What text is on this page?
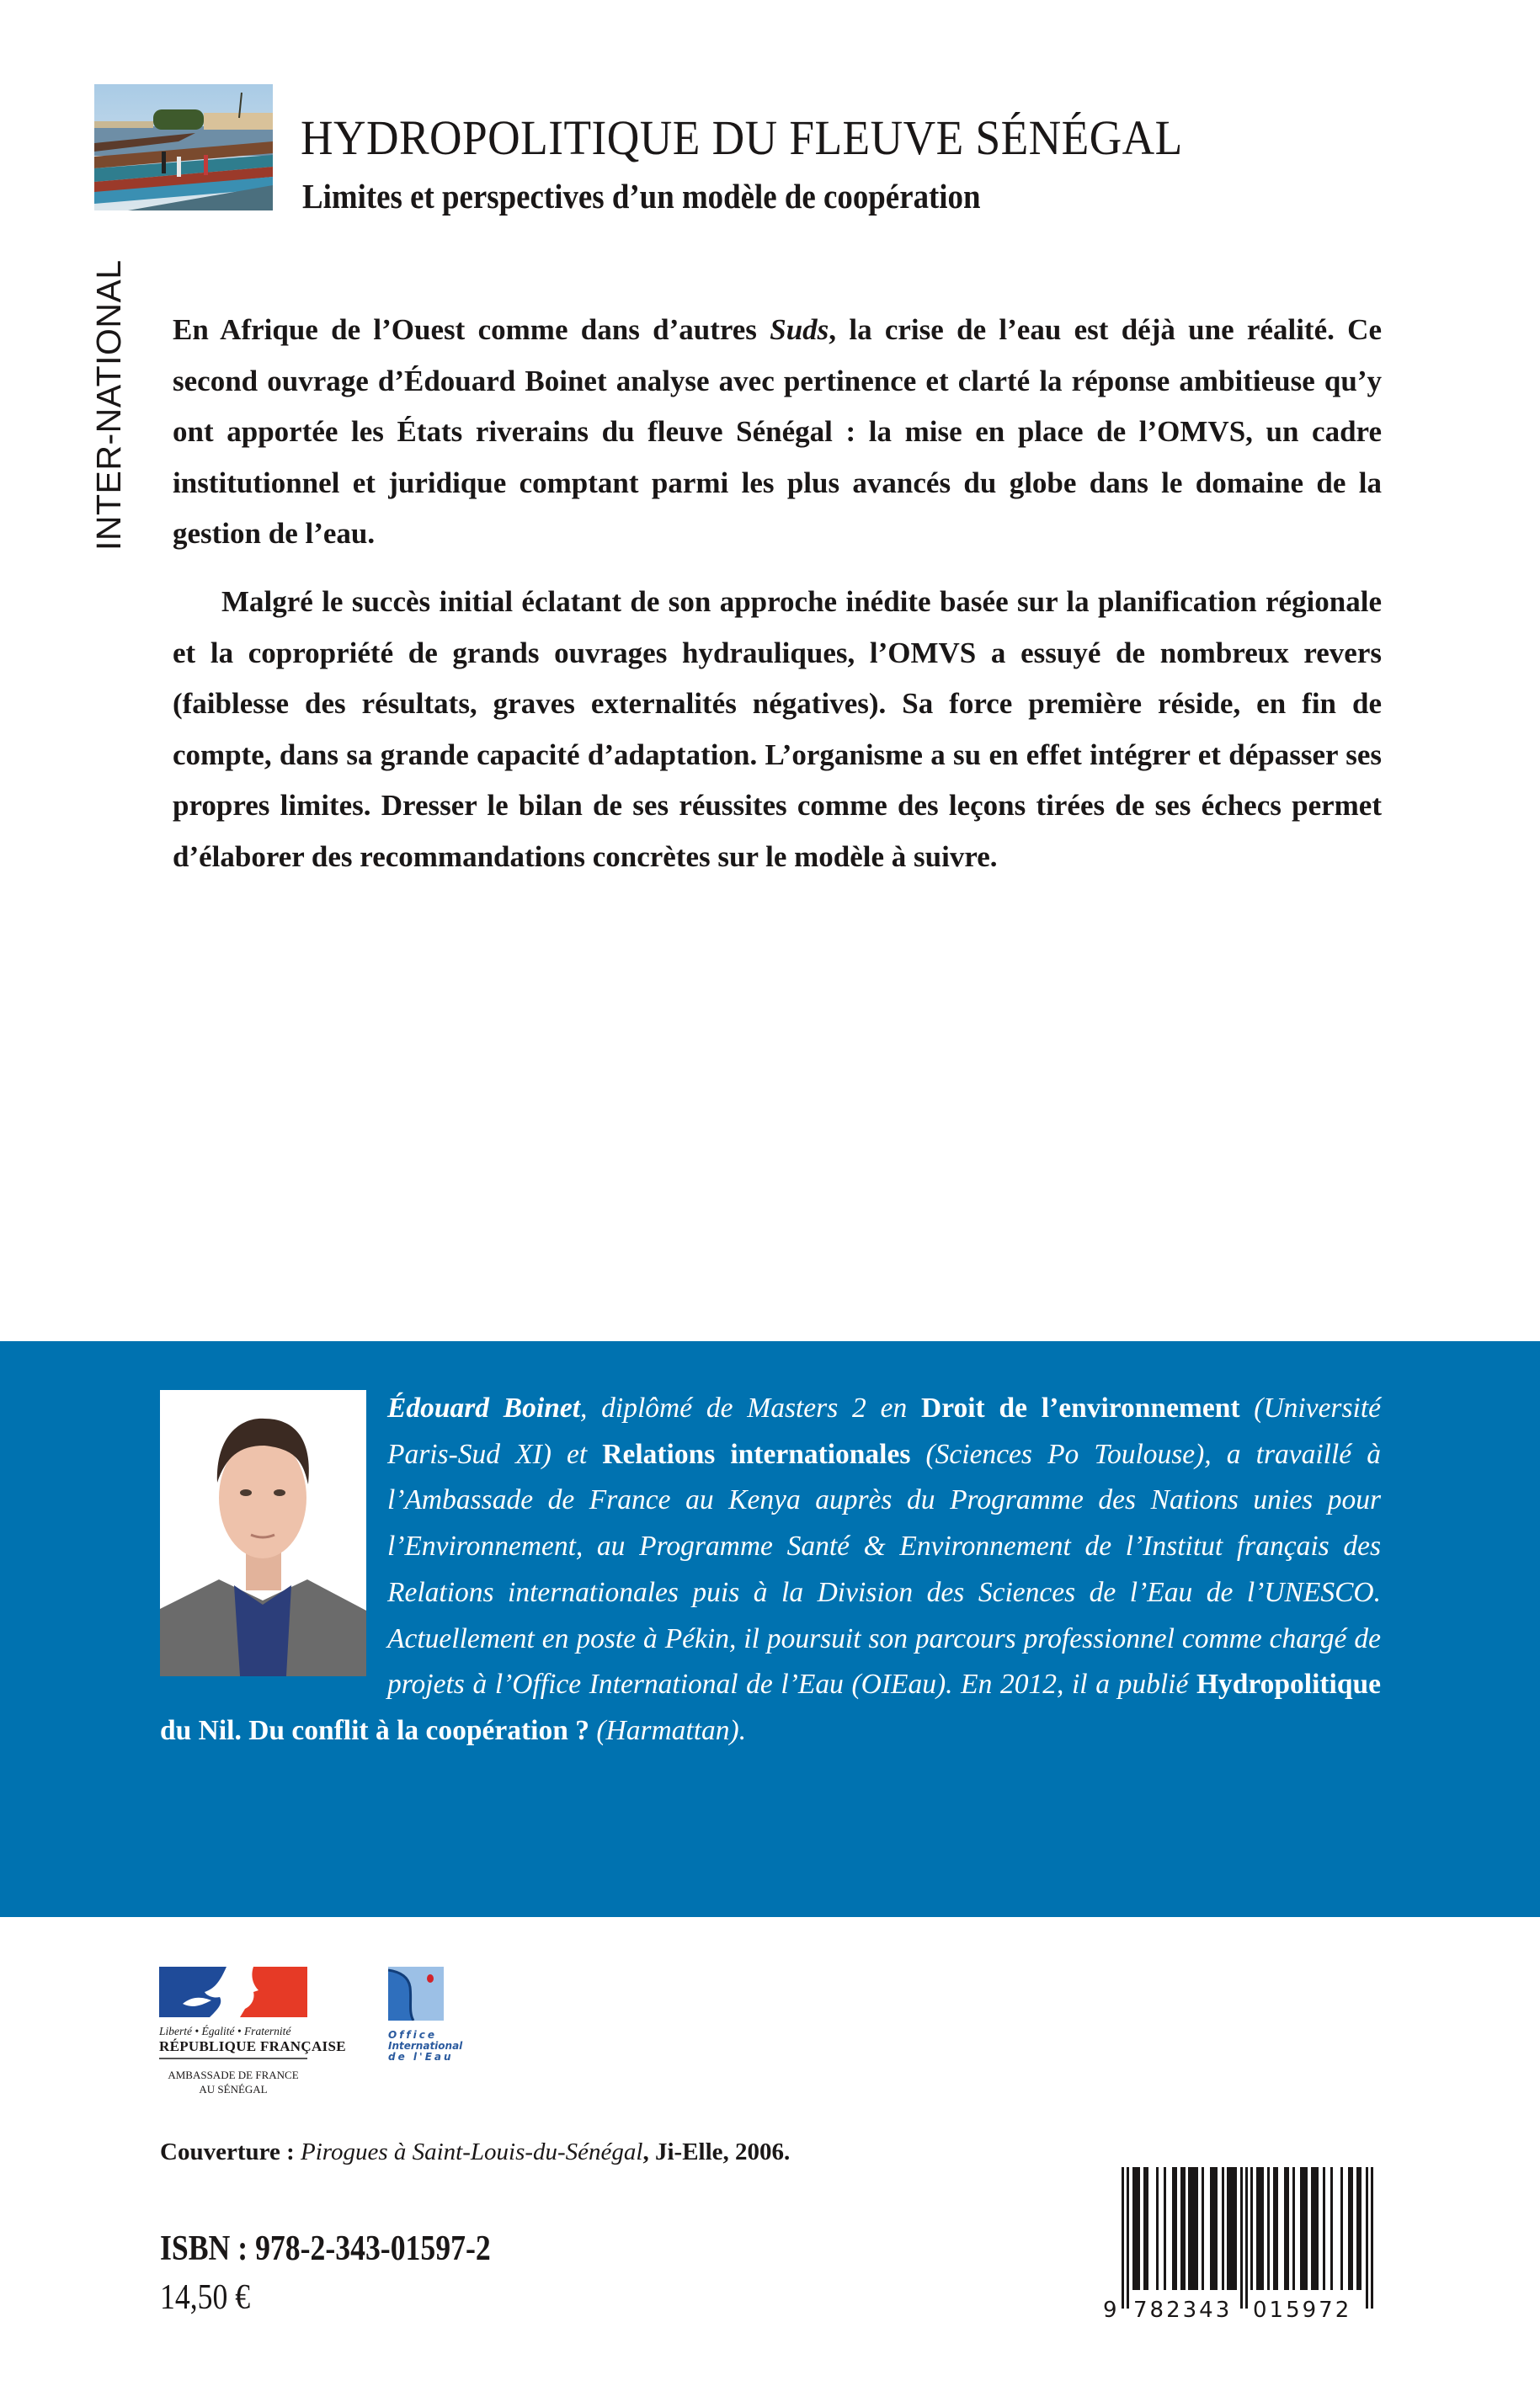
HYDROPOLITIQUE DU FLEUVE SÉNÉGAL
Limites et perspectives d’un modèle de coopération
INTER-NATIONAL En Afrique de l’Ouest comme dans d’autres Suds, la crise de l’eau est déjà une réalité. Ce second ouvrage d’Édouard Boinet analyse avec pertinence et clarté la réponse ambitieuse qu’y ont apportée les États riverains du fleuve Sénégal : la mise en place de l’OMVS, un cadre institutionnel et juridique comptant parmi les plus avancés du globe dans le domaine de la gestion de l’eau.

Malgré le succès initial éclatant de son approche inédite basée sur la planification régionale et la copropriété de grands ouvrages hydrauliques, l’OMVS a essuyé de nombreux revers (faiblesse des résultats, graves externalités négatives). Sa force première réside, en fin de compte, dans sa grande capacité d’adaptation. L’organisme a su en effet intégrer et dépasser ses propres limites. Dresser le bilan de ses réussites comme des leçons tirées de ses échecs permet d’élaborer des recommandations concrètes sur le modèle à suivre.

Édouard Boinet, diplômé de Masters 2 en Droit de l’environnement (Université Paris-Sud XI) et Relations internationales (Sciences Po Toulouse), a travaillé à l’Ambassade de France au Kenya auprès du Programme des Nations unies pour l’Environnement, au Programme Santé & Environnement de l’Institut français des Relations internationales puis à la Division des Sciences de l’Eau de l’UNESCO. Actuellement en poste à Pékin, il poursuit son parcours professionnel comme chargé de projets à l’Office International de l’Eau (OIEau). En 2012, il a publié Hydropolitique du Nil. Du conflit à la coopération ? (Harmattan).
Liberté • Égalité • Fraternité
RÉPUBLIQUE FRANÇAISE
AMBASSADE DE FRANCE
AU SÉNÉGAL
Office
International
de l'Eau
Couverture : Pirogues à Saint-Louis-du-Sénégal, Ji-Elle, 2006.
ISBN : 978-2-343-01597-2
14,50 €	9 782343 015972
